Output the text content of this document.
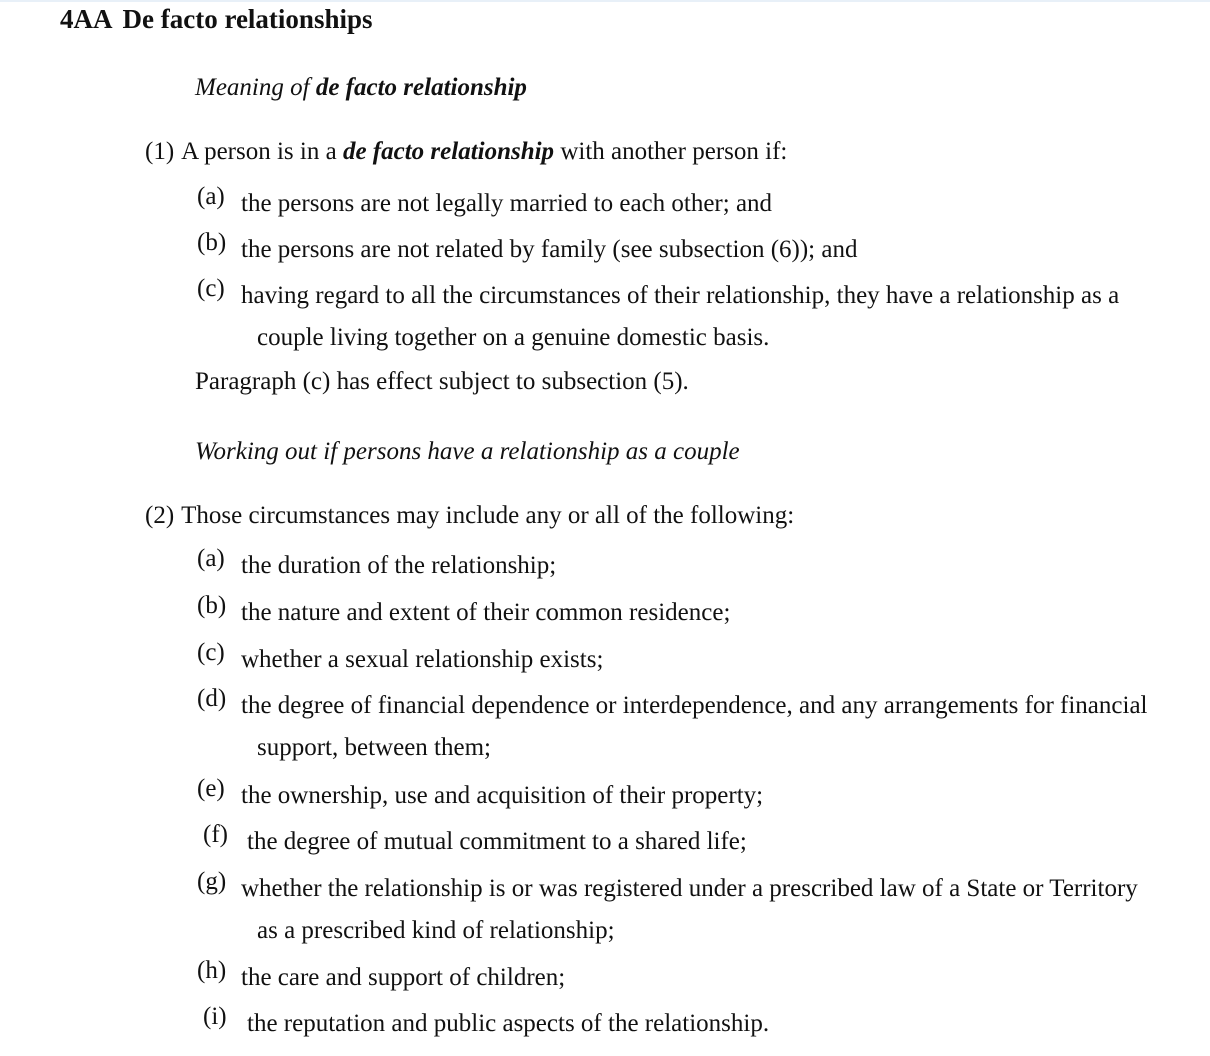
4AA De facto relationships

Meaning of de facto relationship

(1) A person is in a de facto relationship with another person if:

(a) the persons are not legally married to each other; and
(b) the persons are not related by family (see subsection (6)); and
(c) having regard to all the circumstances of their relationship, they have a relationship as a couple living together on a genuine domestic basis.

Paragraph (c) has effect subject to subsection (5).

Working out if persons have a relationship as a couple

(2) Those circumstances may include any or all of the following:

(a) the duration of the relationship;
(b) the nature and extent of their common residence;
(c) whether a sexual relationship exists;
(d) the degree of financial dependence or interdependence, and any arrangements for financial support, between them;
(e) the ownership, use and acquisition of their property;
(f) the degree of mutual commitment to a shared life;
(g) whether the relationship is or was registered under a prescribed law of a State or Territory as a prescribed kind of relationship;
(h) the care and support of children;
(i) the reputation and public aspects of the relationship.
